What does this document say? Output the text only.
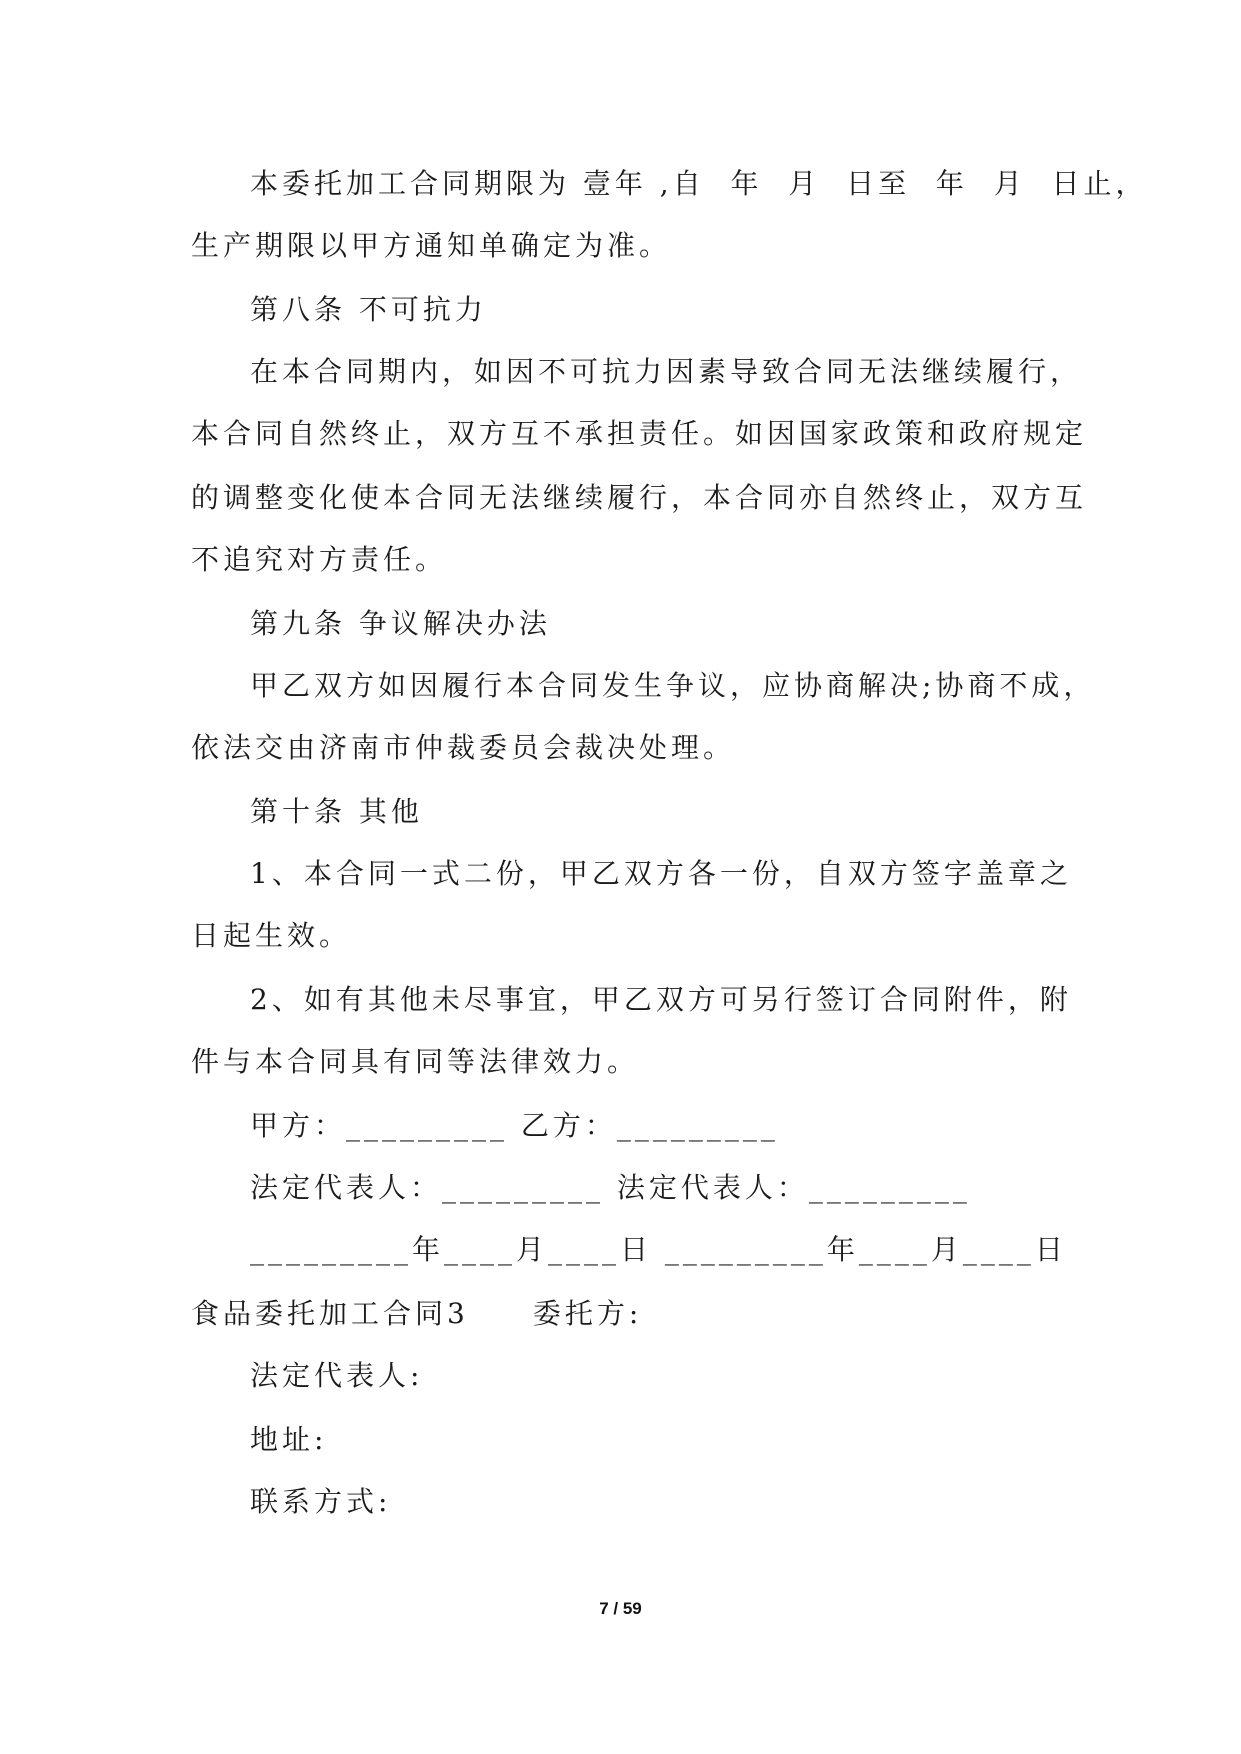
本委托加工合同期限为 壹年 ,自  年  月  日至  年  月  日止，
生产期限以甲方通知单确定为准。
第八条 不可抗力
在本合同期内，如因不可抗力因素导致合同无法继续履行，
本合同自然终止，双方互不承担责任。如因国家政策和政府规定
的调整变化使本合同无法继续履行，本合同亦自然终止，双方互
不追究对方责任。
第九条 争议解决办法
甲乙双方如因履行本合同发生争议，应协商解决;协商不成，
依法交由济南市仲裁委员会裁决处理。
第十条 其他
1、本合同一式二份，甲乙双方各一份，自双方签字盖章之
日起生效。
2、如有其他未尽事宜，甲乙双方可另行签订合同附件，附
件与本合同具有同等法律效力。
甲方：_________ 乙方：_________
法定代表人：_________ 法定代表人：_________
_________年____月____日 _________年____月____日
食品委托加工合同3　　委托方:
法定代表人:
地址:
联系方式:
7 / 59
